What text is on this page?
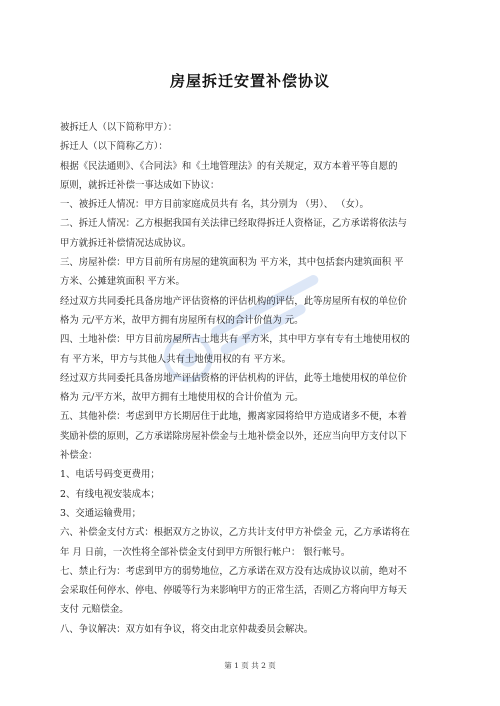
房屋拆迁安置补偿协议
被拆迁人（以下简称甲方）：
拆迁人（以下简称乙方）：
根据《民法通则》、《合同法》和《土地管理法》的有关规定，双方本着平等自愿的
原则，就拆迁补偿一事达成如下协议：
一、被拆迁人情况：甲方目前家庭成员共有 名，其分别为 （男）、 （女）。
二、拆迁人情况：乙方根据我国有关法律已经取得拆迁人资格证，乙方承诺将依法与
甲方就拆迁补偿情况达成协议。
三、房屋补偿：甲方目前所有房屋的建筑面积为 平方米，其中包括套内建筑面积 平
方米、公摊建筑面积 平方米。
经过双方共同委托具备房地产评估资格的评估机构的评估，此等房屋所有权的单位价
格为 元/平方米，故甲方拥有房屋所有权的合计价值为 元。
四、土地补偿：甲方目前房屋所占土地共有 平方米，其中甲方享有专有土地使用权的
有 平方米，甲方与其他人共有土地使用权的有 平方米。
经过双方共同委托具备房地产评估资格的评估机构的评估，此等土地使用权的单位价
格为 元/平方米，故甲方拥有土地使用权的合计价值为 元。
五、其他补偿：考虑到甲方长期居住于此地，搬离家园将给甲方造成诸多不便，本着
奖励补偿的原则，乙方承诺除房屋补偿金与土地补偿金以外，还应当向甲方支付以下
补偿金：
1、电话号码变更费用；
2、有线电视安装成本；
3、交通运输费用；
六、补偿金支付方式：根据双方之协议，乙方共计支付甲方补偿金 元，乙方承诺将在
年 月 日前，一次性将全部补偿金支付到甲方所银行帐户： 银行帐号。
七、禁止行为：考虑到甲方的弱势地位，乙方承诺在双方没有达成协议以前，绝对不
会采取任何停水、停电、停暖等行为来影响甲方的正常生活，否则乙方将向甲方每天
支付 元赔偿金。
八、争议解决：双方如有争议，将交由北京仲裁委员会解决。
第 1 页 共 2 页
